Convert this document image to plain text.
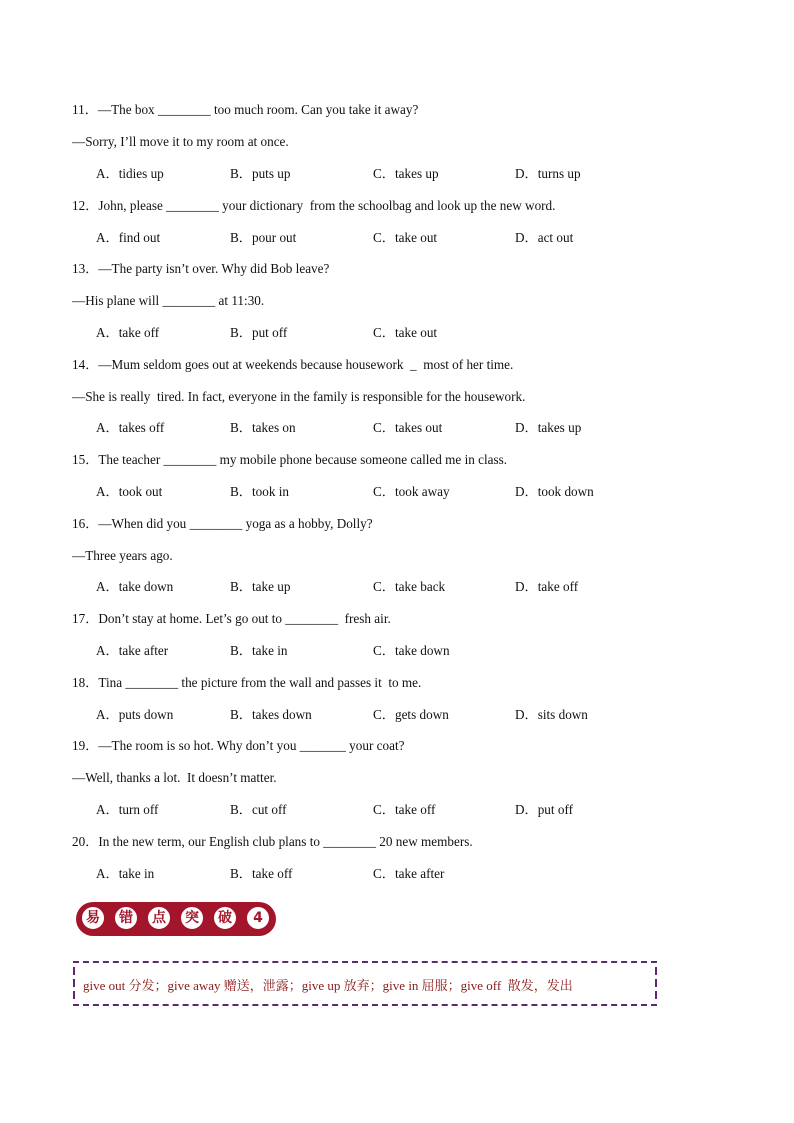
11．—The box ________ too much room. Can you take it away?
—Sorry, I’ll move it to my room at once.
A．tidies up	B．puts up	C．takes up	D．turns up
12．John, please ________ your dictionary  from the schoolbag and look up the new word.
A．find out	B．pour out	C．take out	D．act out
13．—The party isn’t over. Why did Bob leave?
—His plane will ________ at 11:30.
A．take off	B．put off	C．take out
14．—Mum seldom goes out at weekends because housework  _  most of her time.
—She is really  tired. In fact, everyone in the family is responsible for the housework.
A．takes off	B．takes on	C．takes out	D．takes up
15．The teacher ________ my mobile phone because someone called me in class.
A．took out	B．took in	C．took away	D．took down
16．—When did you ________ yoga as a hobby, Dolly?
—Three years ago.
A．take down	B．take up	C．take back	D．take off
17．Don’t stay at home. Let’s go out to ________  fresh air.
A．take after	B．take in	C．take down
18．Tina ________ the picture from the wall and passes it  to me.
A．puts down	B．takes down	C．gets down	D．sits down
19．—The room is so hot. Why don’t you _______ your coat?
—Well, thanks a lot.  It doesn’t matter.
A．turn off	B．cut off	C．take off	D．put off
20．In the new term, our English club plans to ________ 20 new members.
A．take in	B．take off	C．take after
易	错	点	突	破	4
give out 分发；give away 赠送，泄露；give up 放弃；give in 屈服；give off  散发，发出
